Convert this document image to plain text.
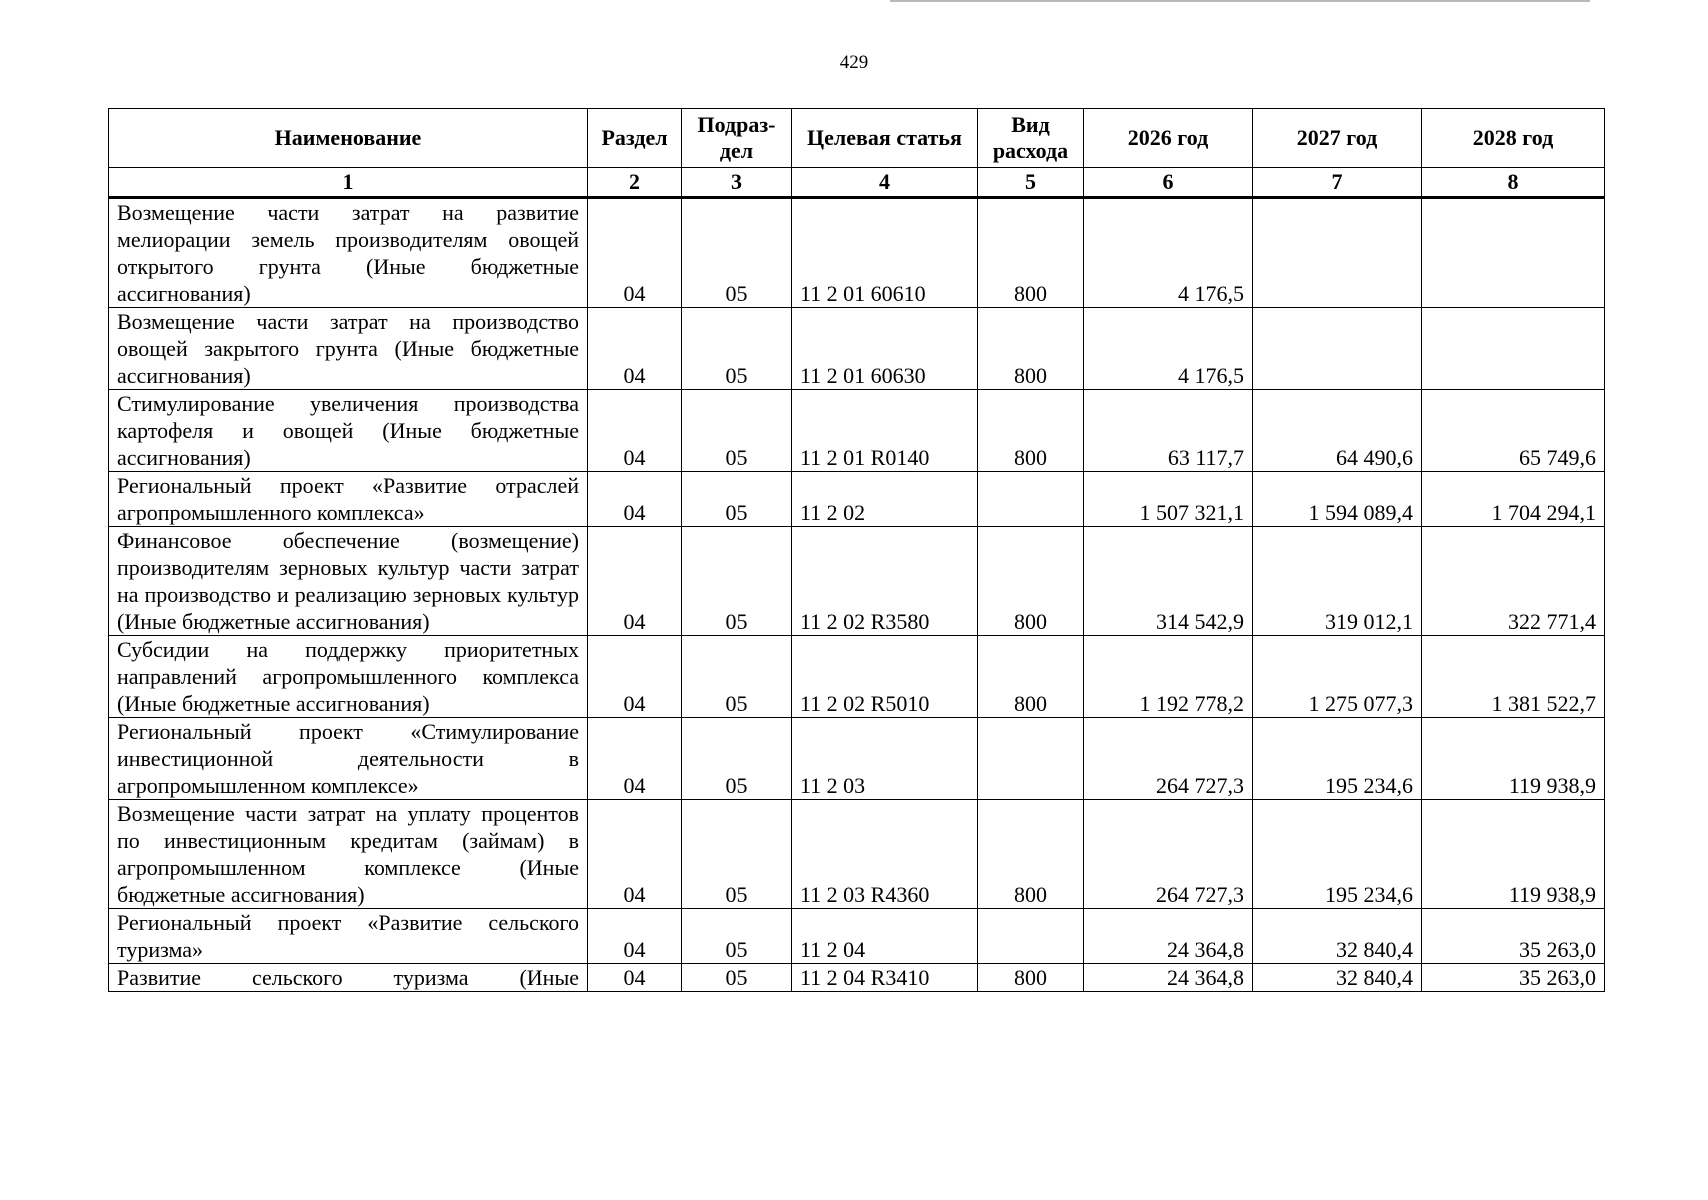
429
Наименование	Раздел	Подраз-дел	Целевая статья	Вид расхода	2026 год	2027 год	2028 год
1	2	3	4	5	6	7	8
Возмещение части затрат на развитие мелиорации земель производителям овощей открытого грунта (Иные бюджетные ассигнования)	04	05	11 2 01 60610	800	4 176,5		
Возмещение части затрат на производство овощей закрытого грунта (Иные бюджетные ассигнования)	04	05	11 2 01 60630	800	4 176,5		
Стимулирование увеличения производства картофеля и овощей (Иные бюджетные ассигнования)	04	05	11 2 01 R0140	800	63 117,7	64 490,6	65 749,6
Региональный проект «Развитие отраслей агропромышленного комплекса»	04	05	11 2 02		1 507 321,1	1 594 089,4	1 704 294,1
Финансовое обеспечение (возмещение) производителям зерновых культур части затрат на производство и реализацию зерновых культур (Иные бюджетные ассигнования)	04	05	11 2 02 R3580	800	314 542,9	319 012,1	322 771,4
Субсидии на поддержку приоритетных направлений агропромышленного комплекса (Иные бюджетные ассигнования)	04	05	11 2 02 R5010	800	1 192 778,2	1 275 077,3	1 381 522,7
Региональный проект «Стимулирование инвестиционной деятельности в агропромышленном комплексе»	04	05	11 2 03		264 727,3	195 234,6	119 938,9
Возмещение части затрат на уплату процентов по инвестиционным кредитам (займам) в агропромышленном комплексе (Иные бюджетные ассигнования)	04	05	11 2 03 R4360	800	264 727,3	195 234,6	119 938,9
Региональный проект «Развитие сельского туризма»	04	05	11 2 04		24 364,8	32 840,4	35 263,0
Развитие сельского туризма (Иные	04	05	11 2 04 R3410	800	24 364,8	32 840,4	35 263,0
